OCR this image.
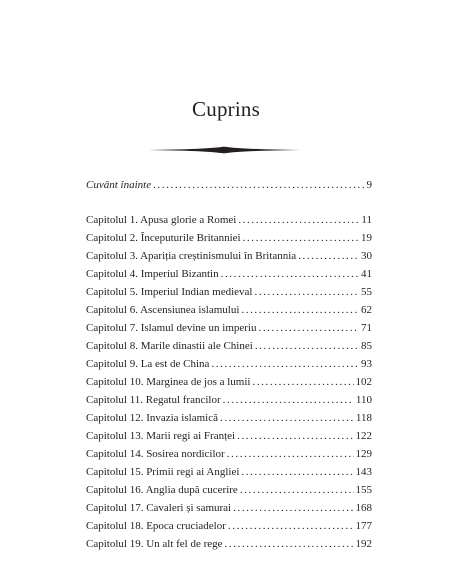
Cuprins
Cuvânt înainte .....	9
Capitolul 1. Apusa glorie a Romei .....	11
Capitolul 2. Începuturile Britanniei .....	19
Capitolul 3. Apariția creștinismului în Britannia .....	30
Capitolul 4. Imperiul Bizantin .....	41
Capitolul 5. Imperiul Indian medieval .....	55
Capitolul 6. Ascensiunea islamului .....	62
Capitolul 7. Islamul devine un imperiu .....	71
Capitolul 8. Marile dinastii ale Chinei .....	85
Capitolul 9. La est de China .....	93
Capitolul 10. Marginea de jos a lumii .....	102
Capitolul 11. Regatul francilor .....	110
Capitolul 12. Invazia islamică .....	118
Capitolul 13. Marii regi ai Franței .....	122
Capitolul 14. Sosirea nordicilor .....	129
Capitolul 15. Primii regi ai Angliei .....	143
Capitolul 16. Anglia după cucerire .....	155
Capitolul 17. Cavaleri și samurai .....	168
Capitolul 18. Epoca cruciadelor .....	177
Capitolul 19. Un alt fel de rege .....	192
